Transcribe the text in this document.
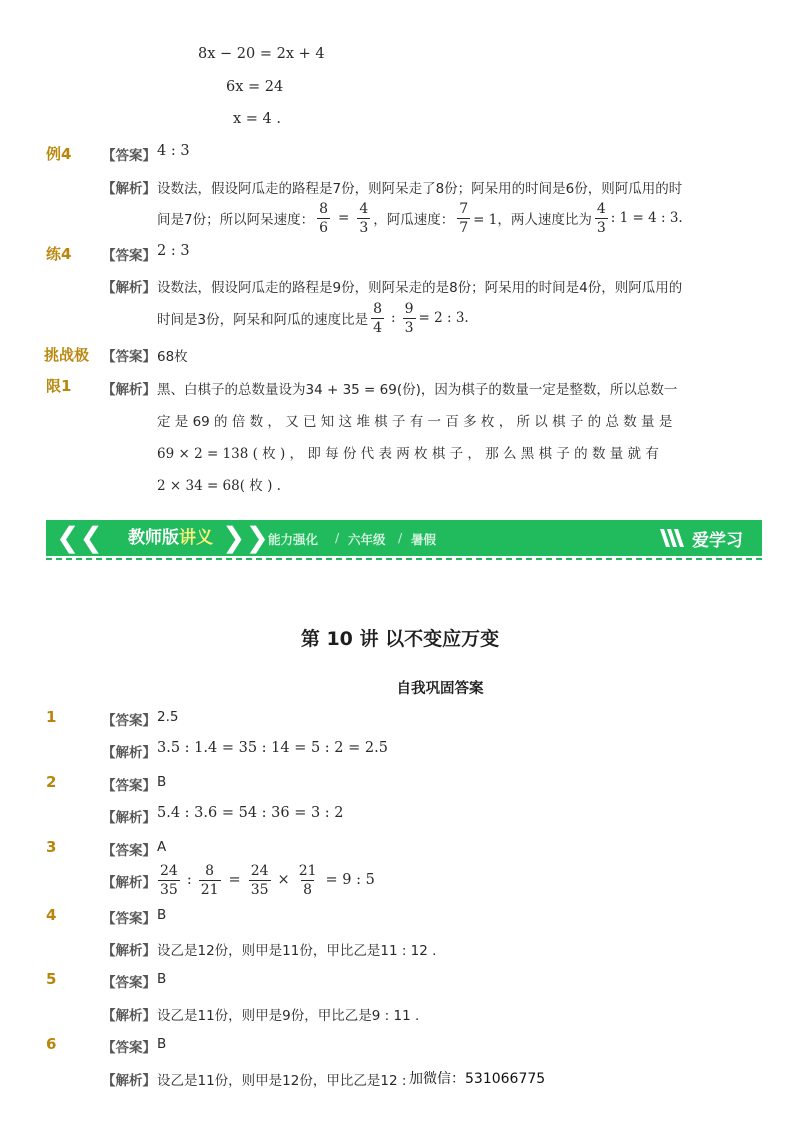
8x − 20 = 2x + 4
6x = 24
x = 4 .
例4 【答案】 4 : 3
【解析】 设数法，假设阿瓜走的路程是7份，则阿呆走了8份；阿呆用的时间是6份，则阿瓜用的时
间是7份；所以阿呆速度： $\frac{8}{6} = \frac{4}{3}$ ，阿瓜速度： $\frac{7}{7} = 1$，两人速度比为 $\frac{4}{3}$ : 1 = 4 : 3.
练4 【答案】 2 : 3
【解析】 设数法，假设阿瓜走的路程是9份，则阿呆走的是8份；阿呆用的时间是4份，则阿瓜用的
时间是3份，阿呆和阿瓜的速度比是 $\frac{8}{4}$ : $\frac{9}{3} = 2$ : 3.
挑战极
限1
【答案】 68枚
【解析】 黑、白棋子的总数量设为34 + 35 = 69(份)，因为棋子的数量一定是整数，所以总数一
定 是 69 的 倍 数 ， 又 已 知 这 堆 棋 子 有 一 百 多 枚 ， 所 以 棋 子 的 总 数 量 是
69 × 2 = 138 ( 枚 ) ， 即 每 份 代 表 两 枚 棋 子 ， 那 么 黑 棋 子 的 数 量 就 有
2 × 34 = 68( 枚 ) .
❮❮	教师版讲义 ❯❯ 能力强化 / 六年级 / 暑假	爱学习
第 10 讲 以不变应万变
自我巩固答案
1	【答案】 2.5
【解析】 3.5 : 1.4 = 35 : 14 = 5 : 2 = 2.5
2	【答案】 B
【解析】 5.4 : 3.6 = 54 : 36 = 3 : 2
3	【答案】 A
【解析】 $\frac{24}{35}$ : $\frac{8}{21} = \frac{24}{35} \times \frac{21}{8} = 9$ : 5
4	【答案】 B
【解析】 设乙是12份，则甲是11份，甲比乙是11 : 12 .
5	【答案】 B
【解析】 设乙是11份，则甲是9份，甲比乙是9 : 11 .
6	【答案】 B
【解析】 设乙是11份，则甲是12份，甲比乙是12 : 加微信：531066775
